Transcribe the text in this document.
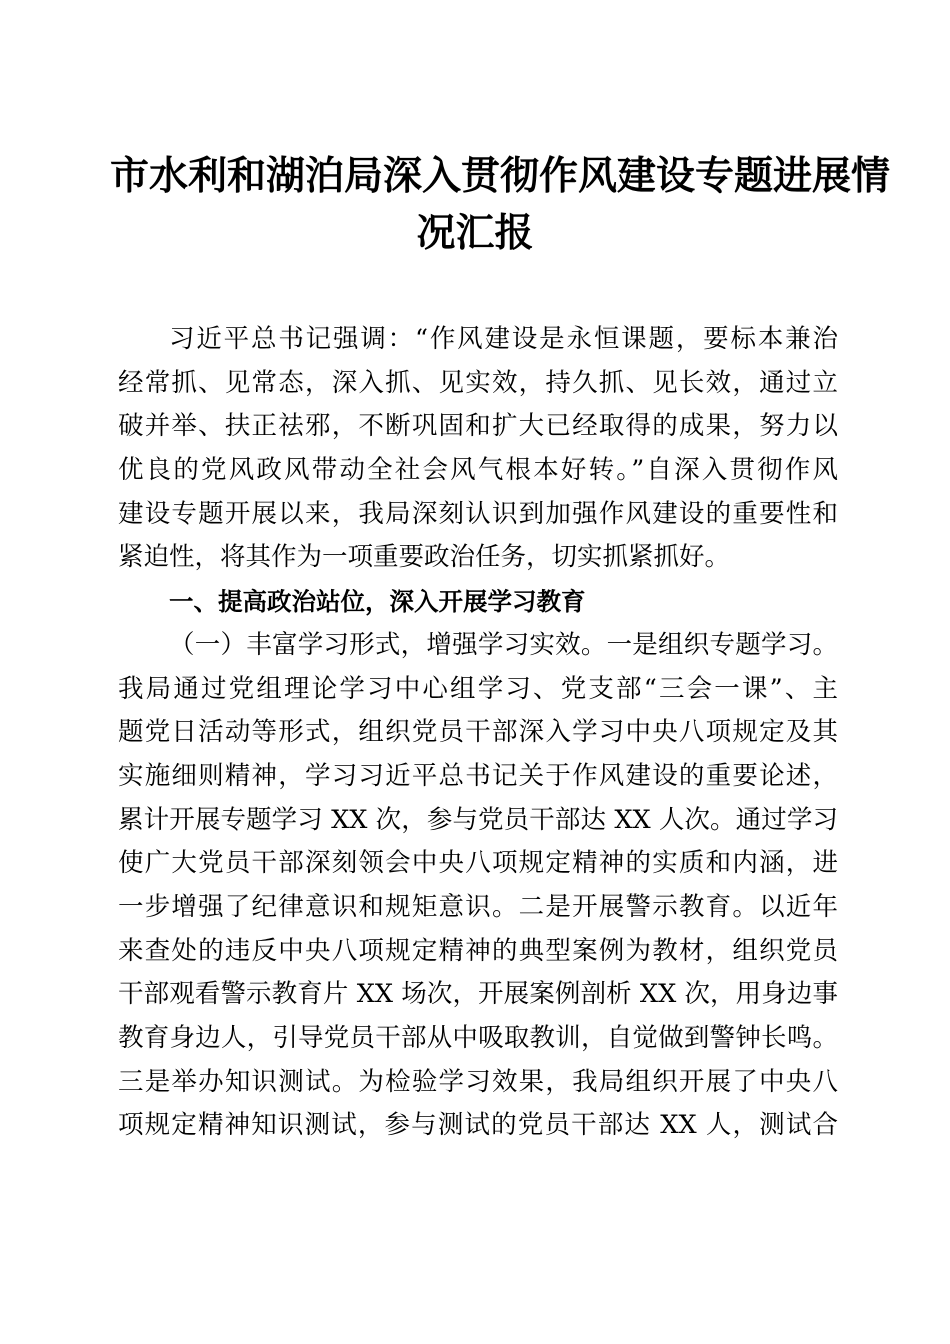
市水利和湖泊局深入贯彻作风建设专题进展情
况汇报
习近平总书记强调：“作风建设是永恒课题，要标本兼治
经常抓、见常态，深入抓、见实效，持久抓、见长效，通过立
破并举、扶正祛邪，不断巩固和扩大已经取得的成果，努力以
优良的党风政风带动全社会风气根本好转。”自深入贯彻作风
建设专题开展以来，我局深刻认识到加强作风建设的重要性和
紧迫性，将其作为一项重要政治任务，切实抓紧抓好。
一、提高政治站位，深入开展学习教育
（一）丰富学习形式，增强学习实效。一是组织专题学习。
我局通过党组理论学习中心组学习、党支部“三会一课”、主
题党日活动等形式，组织党员干部深入学习中央八项规定及其
实施细则精神，学习习近平总书记关于作风建设的重要论述，
累计开展专题学习 XX 次，参与党员干部达 XX 人次。通过学习
使广大党员干部深刻领会中央八项规定精神的实质和内涵，进
一步增强了纪律意识和规矩意识。二是开展警示教育。以近年
来查处的违反中央八项规定精神的典型案例为教材，组织党员
干部观看警示教育片 XX 场次，开展案例剖析 XX 次，用身边事
教育身边人，引导党员干部从中吸取教训，自觉做到警钟长鸣。
三是举办知识测试。为检验学习效果，我局组织开展了中央八
项规定精神知识测试，参与测试的党员干部达 XX 人，测试合
